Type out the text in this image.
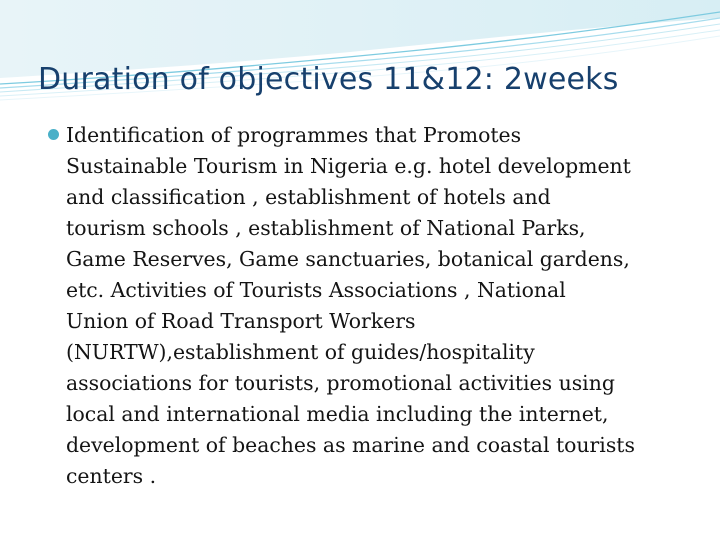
Duration of objectives 11&12: 2weeks
Identification of programmes that Promotes
Sustainable Tourism in Nigeria e.g. hotel development
and classification , establishment of hotels and
tourism schools , establishment of National Parks,
Game Reserves, Game sanctuaries, botanical gardens,
etc. Activities of Tourists Associations , National
Union of Road Transport Workers
(NURTW),establishment of guides/hospitality
associations for tourists, promotional activities using
local and international media including the internet,
development of beaches as marine and coastal tourists
centers .
